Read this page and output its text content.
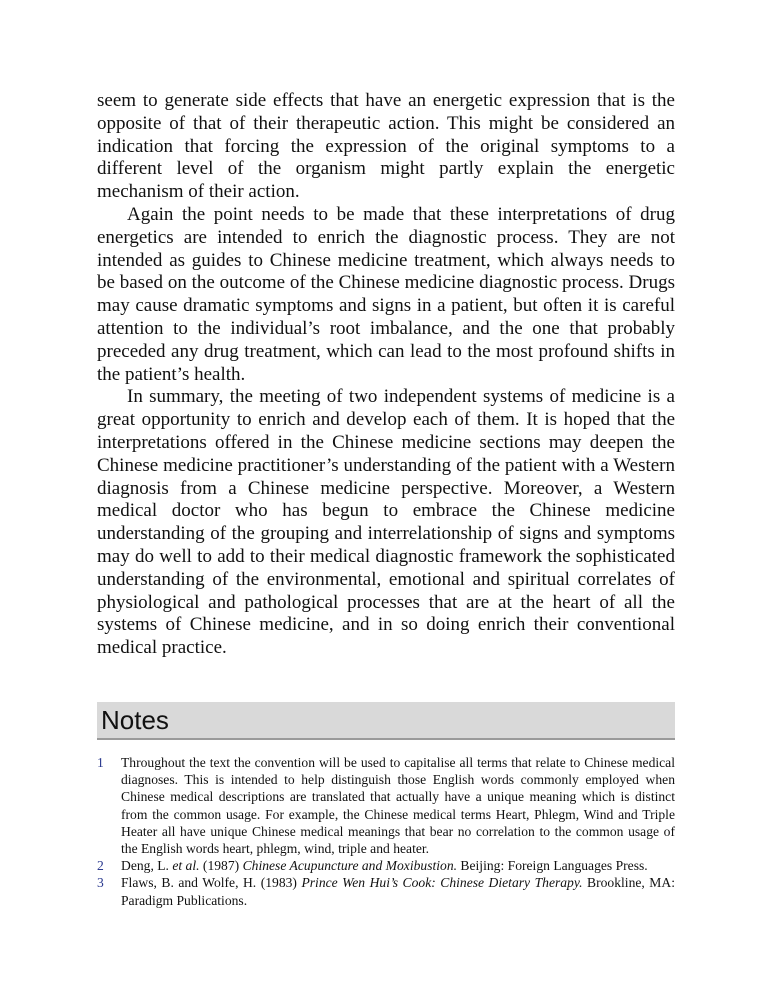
seem to generate side effects that have an energetic expression that is the opposite of that of their therapeutic action. This might be considered an indication that forcing the expression of the original symptoms to a different level of the organism might partly explain the energetic mechanism of their action.

Again the point needs to be made that these interpretations of drug energetics are intended to enrich the diagnostic process. They are not intended as guides to Chinese medicine treatment, which always needs to be based on the outcome of the Chinese medicine diagnostic process. Drugs may cause dramatic symptoms and signs in a patient, but often it is careful attention to the individual’s root imbalance, and the one that probably preceded any drug treatment, which can lead to the most profound shifts in the patient’s health.

In summary, the meeting of two independent systems of medicine is a great opportunity to enrich and develop each of them. It is hoped that the interpretations offered in the Chinese medicine sections may deepen the Chinese medicine practitioner’s understanding of the patient with a Western diagnosis from a Chinese medicine perspective. Moreover, a Western medical doctor who has begun to embrace the Chinese medicine understanding of the grouping and interrelationship of signs and symptoms may do well to add to their medical diagnostic framework the sophisticated understanding of the environmental, emotional and spiritual correlates of physiological and pathological processes that are at the heart of all the systems of Chinese medicine, and in so doing enrich their conventional medical practice.

Notes
1	Throughout the text the convention will be used to capitalise all terms that relate to Chinese medical diagnoses. This is intended to help distinguish those English words commonly employed when Chinese medical descriptions are translated that actually have a unique meaning which is distinct from the common usage. For example, the Chinese medical terms Heart, Phlegm, Wind and Triple Heater all have unique Chinese medical meanings that bear no correlation to the common usage of the English words heart, phlegm, wind, triple and heater.
2	Deng, L. et al. (1987) Chinese Acupuncture and Moxibustion. Beijing: Foreign Languages Press.
3	Flaws, B. and Wolfe, H. (1983) Prince Wen Hui’s Cook: Chinese Dietary Therapy. Brookline, MA: Paradigm Publications.
